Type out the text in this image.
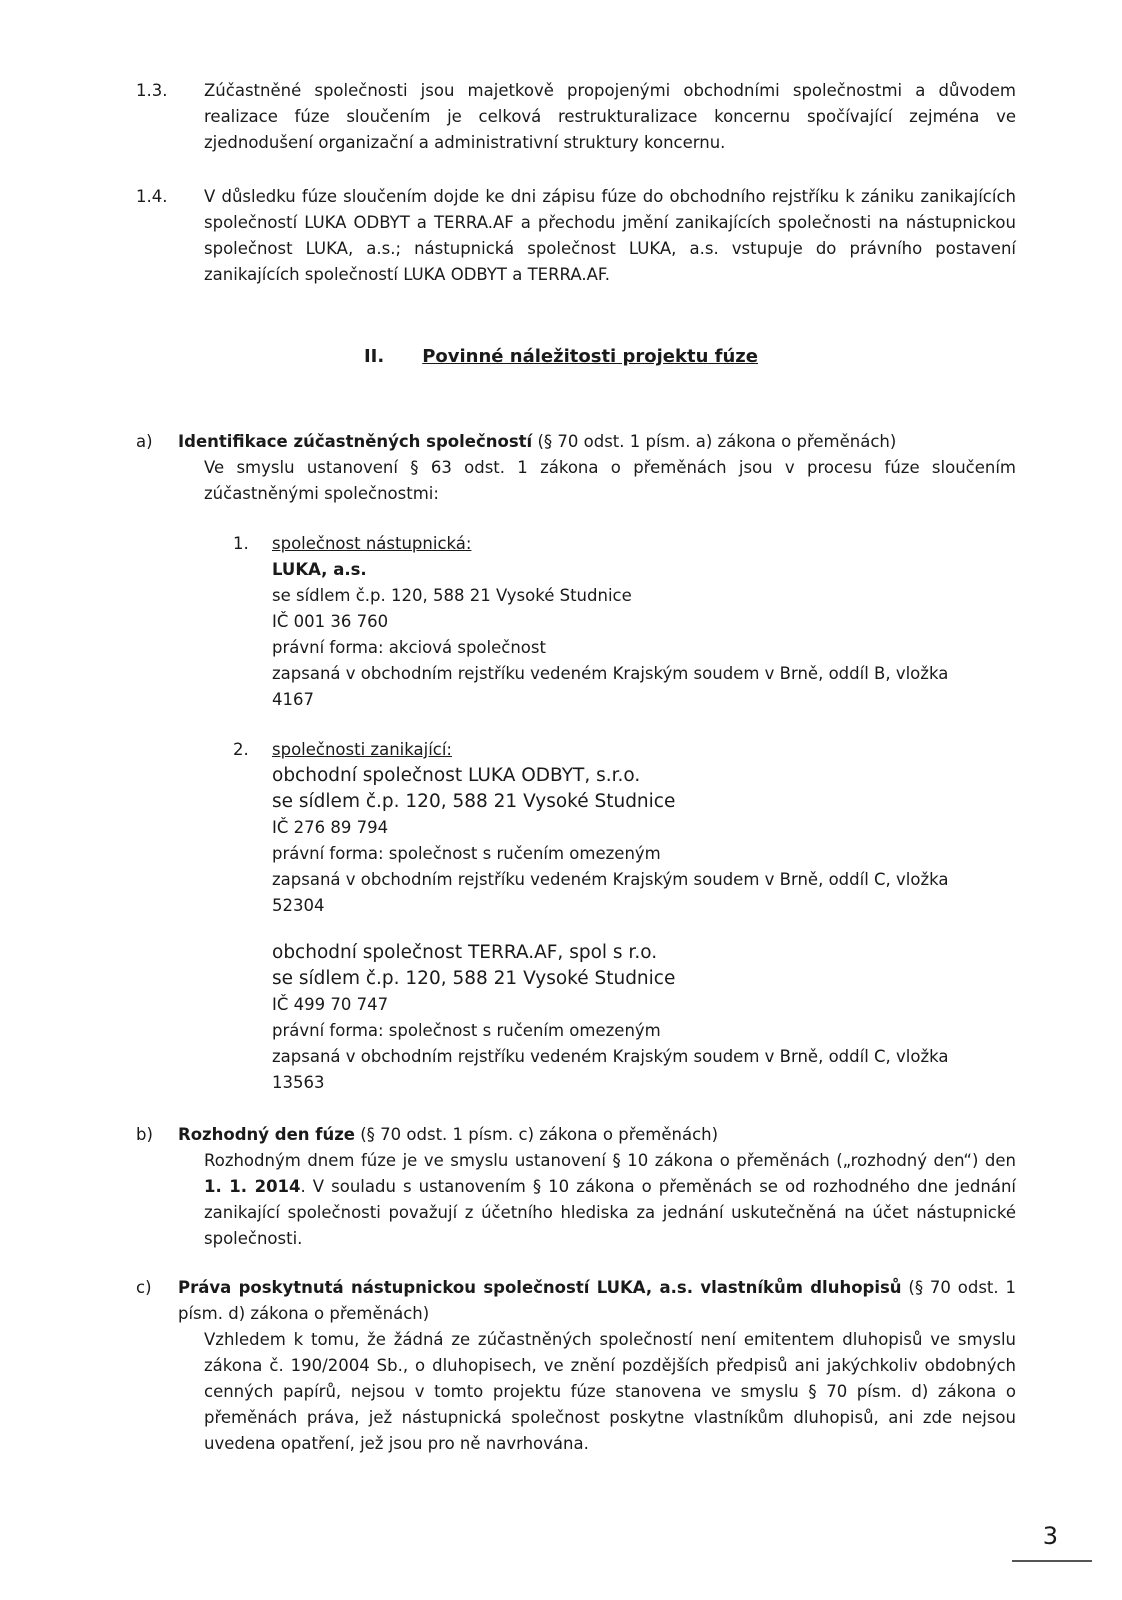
1.3. Zúčastněné společnosti jsou majetkově propojenými obchodními společnostmi a důvodem realizace fúze sloučením je celková restrukturalizace koncernu spočívající zejména ve zjednodušení organizační a administrativní struktury koncernu.
1.4. V důsledku fúze sloučením dojde ke dni zápisu fúze do obchodního rejstříku k zániku zanikajících společností LUKA ODBYT a TERRA.AF a přechodu jmění zanikajících společnosti na nástupnickou společnost LUKA, a.s.; nástupnická společnost LUKA, a.s. vstupuje do právního postavení zanikajících společností LUKA ODBYT a TERRA.AF.
II. Povinné náležitosti projektu fúze
a) Identifikace zúčastněných společností (§ 70 odst. 1 písm. a) zákona o přeměnách)
Ve smyslu ustanovení § 63 odst. 1 zákona o přeměnách jsou v procesu fúze sloučením zúčastněnými společnostmi:
1. společnost nástupnická:
LUKA, a.s.
se sídlem č.p. 120, 588 21 Vysoké Studnice
IČ 001 36 760
právní forma: akciová společnost
zapsaná v obchodním rejstříku vedeném Krajským soudem v Brně, oddíl B, vložka
4167
2. společnosti zanikající:
obchodní společnost LUKA ODBYT, s.r.o.
se sídlem č.p. 120, 588 21 Vysoké Studnice
IČ 276 89 794
právní forma: společnost s ručením omezeným
zapsaná v obchodním rejstříku vedeném Krajským soudem v Brně, oddíl C, vložka
52304
obchodní společnost TERRA.AF, spol s r.o.
se sídlem č.p. 120, 588 21 Vysoké Studnice
IČ 499 70 747
právní forma: společnost s ručením omezeným
zapsaná v obchodním rejstříku vedeném Krajským soudem v Brně, oddíl C, vložka
13563
b) Rozhodný den fúze (§ 70 odst. 1 písm. c) zákona o přeměnách)
Rozhodným dnem fúze je ve smyslu ustanovení § 10 zákona o přeměnách („rozhodný den“) den 1. 1. 2014. V souladu s ustanovením § 10 zákona o přeměnách se od rozhodného dne jednání zanikající společnosti považují z účetního hlediska za jednání uskutečněná na účet nástupnické společnosti.
c) Práva poskytnutá nástupnickou společností LUKA, a.s. vlastníkům dluhopisů (§ 70 odst. 1 písm. d) zákona o přeměnách)
Vzhledem k tomu, že žádná ze zúčastněných společností není emitentem dluhopisů ve smyslu zákona č. 190/2004 Sb., o dluhopisech, ve znění pozdějších předpisů ani jakýchkoliv obdobných cenných papírů, nejsou v tomto projektu fúze stanovena ve smyslu § 70 písm. d) zákona o přeměnách práva, jež nástupnická společnost poskytne vlastníkům dluhopisů, ani zde nejsou uvedena opatření, jež jsou pro ně navrhována.
3
